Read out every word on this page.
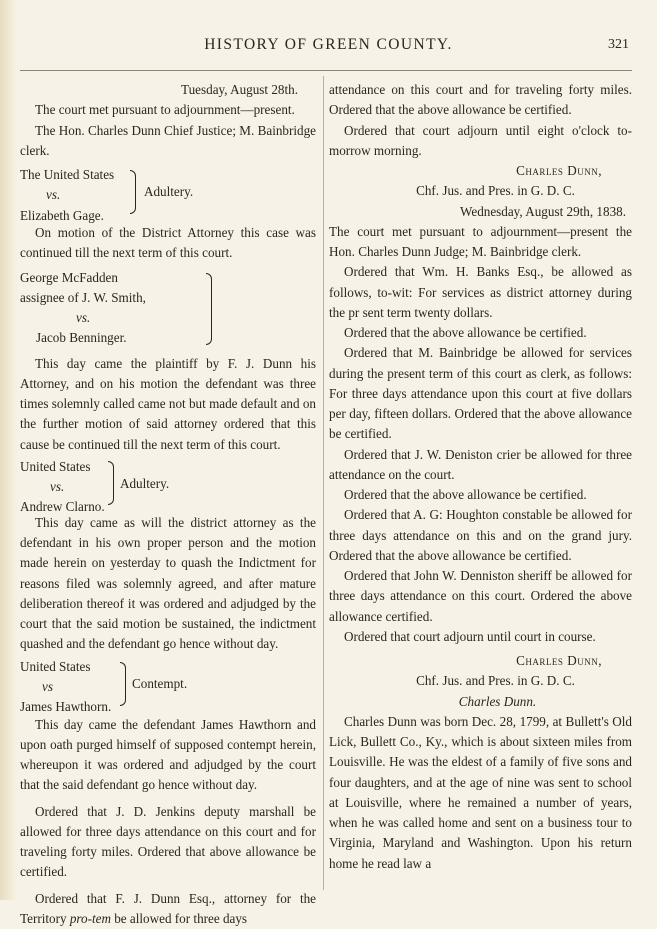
HISTORY OF GREEN COUNTY.	321

Tuesday, August 28th.

The court met pursuant to adjournment—present.

The Hon. Charles Dunn Chief Justice; M. Bainbridge clerk.

The United States
vs.
Elizabeth Gage.
Adultery.

On motion of the District Attorney this case was continued till the next term of this court.

George McFadden
assignee of J. W. Smith,
vs.
Jacob Benninger.

This day came the plaintiff by F. J. Dunn his Attorney, and on his motion the defendant was three times solemnly called came not but made default and on the further motion of said attorney ordered that this cause be continued till the next term of this court.

United States
vs.
Andrew Clarno.
Adultery.

This day came as will the district attorney as the defendant in his own proper person and the motion made herein on yesterday to quash the Indictment for reasons filed was solemnly agreed, and after mature deliberation thereof it was ordered and adjudged by the court that the said motion be sustained, the indictment quashed and the defendant go hence without day.

United States
vs
James Hawthorn.
Contempt.

This day came the defendant James Hawthorn and upon oath purged himself of supposed contempt herein, whereupon it was ordered and adjudged by the court that the said defendant go hence without day.

Ordered that J. D. Jenkins deputy marshall be allowed for three days attendance on this court and for traveling forty miles. Ordered that above allowance be certified.

Ordered that F. J. Dunn Esq., attorney for the Territory pro-tem be allowed for three days

attendance on this court and for traveling forty miles. Ordered that the above allowance be certified.

Ordered that court adjourn until eight o'clock to-morrow morning.

Charles Dunn,

Chf. Jus. and Pres. in G. D. C.

Wednesday, August 29th, 1838.

The court met pursuant to adjournment—present the Hon. Charles Dunn Judge; M. Bainbridge clerk.

Ordered that Wm. H. Banks Esq., be allowed as follows, to-wit: For services as district attorney during the pr sent term twenty dollars.

Ordered that the above allowance be certified.

Ordered that M. Bainbridge be allowed for services during the present term of this court as clerk, as follows: For three days attendance upon this court at five dollars per day, fifteen dollars. Ordered that the above allowance be certified.

Ordered that J. W. Deniston crier be allowed for three attendance on the court.

Ordered that the above allowance be certified.

Ordered that A. G: Houghton constable be allowed for three days attendance on this and on the grand jury. Ordered that the above allowance be certified.

Ordered that John W. Denniston sheriff be allowed for three days attendance on this court. Ordered the above allowance certified.

Ordered that court adjourn until court in course.

Charles Dunn,

Chf. Jus. and Pres. in G. D. C.

Charles Dunn.

Charles Dunn was born Dec. 28, 1799, at Bullett's Old Lick, Bullett Co., Ky., which is about sixteen miles from Louisville. He was the eldest of a family of five sons and four daughters, and at the age of nine was sent to school at Louisville, where he remained a number of years, when he was called home and sent on a business tour to Virginia, Maryland and Washington. Upon his return home he read law a
